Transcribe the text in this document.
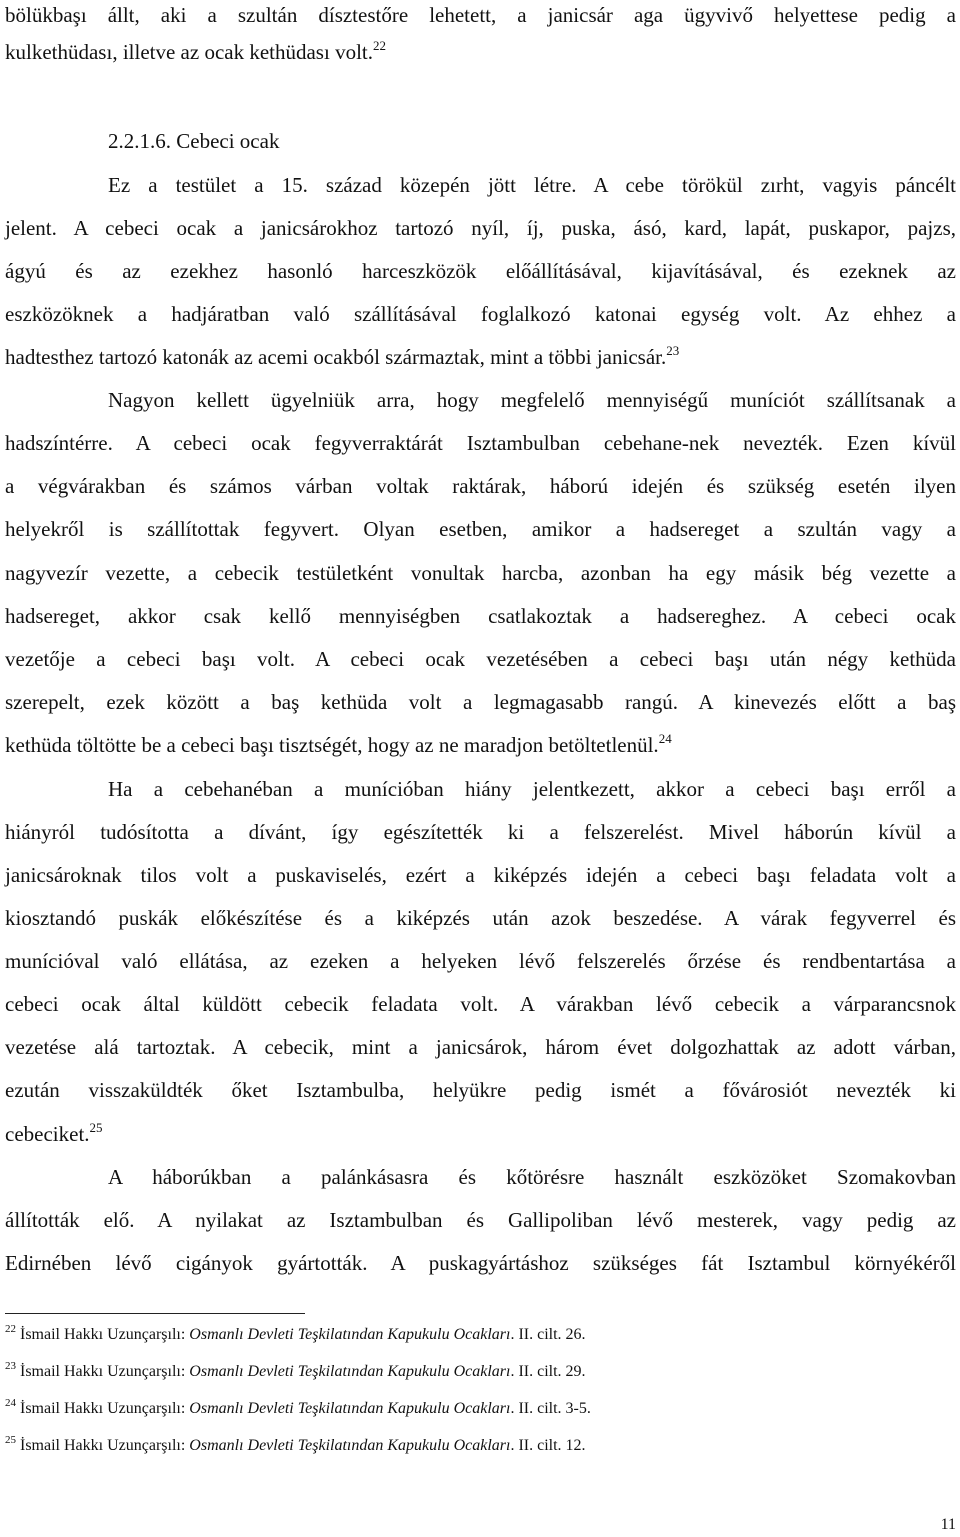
bölükbaşı állt, aki a szultán dísztestőre lehetett, a janicsár aga ügyvivő helyettese pedig a
kulkethüdası, illetve az ocak kethüdası volt.$^{22}$
2.2.1.6. Cebeci ocak
Ez a testület a 15. század közepén jött létre. A cebe törökül zırht, vagyis páncélt
jelent. A cebeci ocak a janicsárokhoz tartozó nyíl, íj, puska, ásó, kard, lapát, puskapor, pajzs,
ágyú és az ezekhez hasonló harceszközök előállításával, kijavításával, és ezeknek az
eszközöknek a hadjáratban való szállításával foglalkozó katonai egység volt. Az ehhez a
hadtesthez tartozó katonák az acemi ocakból származtak, mint a többi janicsár.$^{23}$
Nagyon kellett ügyelniük arra, hogy megfelelő mennyiségű muníciót szállítsanak a
hadszíntérre. A cebeci ocak fegyverraktárát Isztambulban cebehane-nek nevezték. Ezen kívül
a végvárakban és számos várban voltak raktárak, háború idején és szükség esetén ilyen
helyekről is szállítottak fegyvert. Olyan esetben, amikor a hadsereget a szultán vagy a
nagyvezír vezette, a cebecik testületként vonultak harcba, azonban ha egy másik bég vezette a
hadsereget, akkor csak kellő mennyiségben csatlakoztak a hadsereghez. A cebeci ocak
vezetője a cebeci başı volt. A cebeci ocak vezetésében a cebeci başı után négy kethüda
szerepelt, ezek között a baş kethüda volt a legmagasabb rangú. A kinevezés előtt a baş
kethüda töltötte be a cebeci başı tisztségét, hogy az ne maradjon betöltetlenül.$^{24}$
Ha a cebehanéban a munícióban hiány jelentkezett, akkor a cebeci başı erről a
hiányról tudósította a dívánt, így egészítették ki a felszerelést. Mivel háborún kívül a
janicsároknak tilos volt a puskaviselés, ezért a kiképzés idején a cebeci başı feladata volt a
kiosztandó puskák előkészítése és a kiképzés után azok beszedése. A várak fegyverrel és
munícióval való ellátása, az ezeken a helyeken lévő felszerelés őrzése és rendbentartása a
cebeci ocak által küldött cebecik feladata volt. A várakban lévő cebecik a várparancsnok
vezetése alá tartoztak. A cebecik, mint a janicsárok, három évet dolgozhattak az adott várban,
ezután visszaküldték őket Isztambulba, helyükre pedig ismét a fővárosiót nevezték ki
cebeciket.$^{25}$
A háborúkban a palánkásasra és kőtörésre használt eszközöket Szomakovban
állították elő. A nyilakat az Isztambulban és Gallipoliban lévő mesterek, vagy pedig az
Edirnében lévő cigányok gyártották. A puskagyártáshoz szükséges fát Isztambul környékéről
$^{22}$ İsmail Hakkı Uzunçarşılı: Osmanlı Devleti Teşkilatından Kapukulu Ocakları. II. cilt. 26.
$^{23}$ İsmail Hakkı Uzunçarşılı: Osmanlı Devleti Teşkilatından Kapukulu Ocakları. II. cilt. 29.
$^{24}$ İsmail Hakkı Uzunçarşılı: Osmanlı Devleti Teşkilatından Kapukulu Ocakları. II. cilt. 3-5.
$^{25}$ İsmail Hakkı Uzunçarşılı: Osmanlı Devleti Teşkilatından Kapukulu Ocakları. II. cilt. 12.
11
